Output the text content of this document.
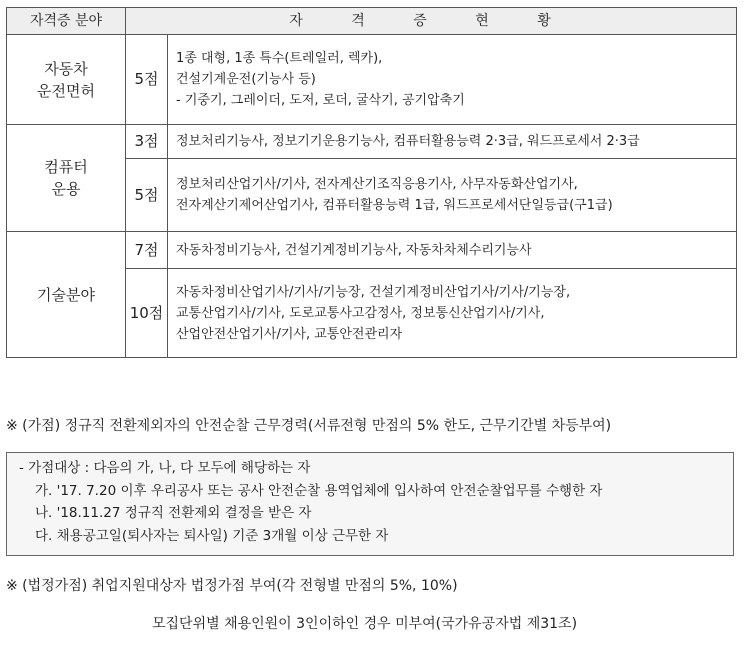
자격증 분야	자 격 증 현 황	
자동차
운전면허	5점	1종 대형, 1종 특수(트레일러, 렉카),
건설기계운전(기능사 등)
- 기중기, 그레이더, 도저, 로더, 굴삭기, 공기압축기

컴퓨터
운용	3점	정보처리기능사, 정보기기운용기능사, 컴퓨터활용능력 2·3급, 워드프로세서 2·3급

	5점	정보처리산업기사/기사, 전자계산기조직응용기사, 사무자동화산업기사,
전자계산기제어산업기사, 컴퓨터활용능력 1급, 워드프로세서단일등급(구1급)

기술분야	7점	자동차정비기능사, 건설기계정비기능사, 자동차차체수리기능사

	10점	자동차정비산업기사/기사/기능장, 건설기계정비산업기사/기사/기능장,
교통산업기사/기사, 도로교통사고감정사, 정보통신산업기사/기사,
산업안전산업기사/기사, 교통안전관리자
※ (가점) 정규직 전환제외자의 안전순찰 근무경력(서류전형 만점의 5% 한도, 근무기간별 차등부여)
- 가점대상 : 다음의 가, 나, 다 모두에 해당하는 자
가. '17. 7.20 이후 우리공사 또는 공사 안전순찰 용역업체에 입사하여 안전순찰업무를 수행한 자
나. '18.11.27 정규직 전환제외 결정을 받은 자
다. 채용공고일(퇴사자는 퇴사일) 기준 3개월 이상 근무한 자
※ (법정가점) 취업지원대상자 법정가점 부여(각 전형별 만점의 5%, 10%)
모집단위별 채용인원이 3인이하인 경우 미부여(국가유공자법 제31조)
